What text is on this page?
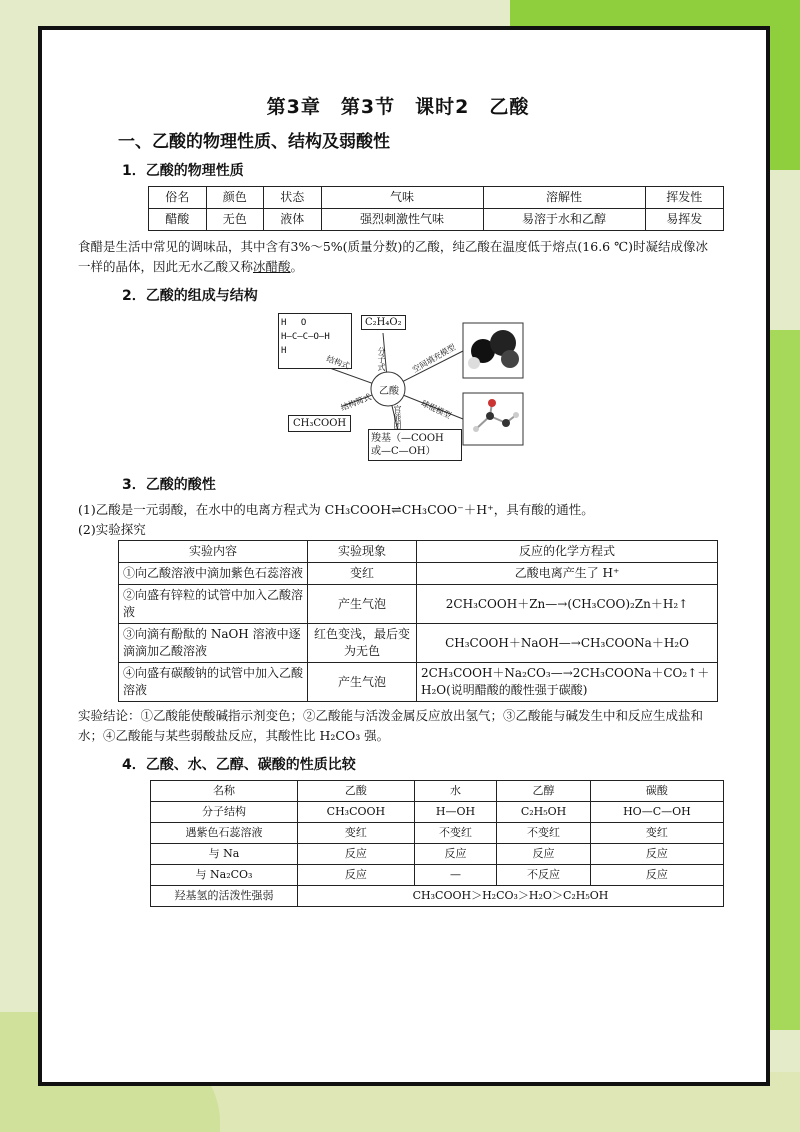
第3章　第3节　课时2　乙酸
一、乙酸的物理性质、结构及弱酸性
1．乙酸的物理性质
俗名	颜色	状态	气味	溶解性	挥发性
醋酸	无色	液体	强烈刺激性气味	易溶于水和乙醇	易挥发

食醋是生活中常见的调味品，其中含有3%～5%(质量分数)的乙酸，纯乙酸在温度低于熔点(16.6 ℃)时凝结成像冰一样的晶体，因此无水乙酸又称冰醋酸。

2．乙酸的组成与结构
H　 O
H—C—C—O—H
H
C₂H₄O₂
CH₃COOH
羧基（—COOH
或—C—OH）
乙酸
结构式	分子式	空间填充模型
球棍模型
结构简式
官能团
3．乙酸的酸性

(1)乙酸是一元弱酸，在水中的电离方程式为 CH₃COOH⇌CH₃COO⁻＋H⁺，具有酸的通性。

(2)实验探究

实验内容	实验现象	反应的化学方程式
①向乙酸溶液中滴加紫色石蕊溶液	变红	乙酸电离产生了 H⁺
②向盛有锌粒的试管中加入乙酸溶液	产生气泡	2CH₃COOH＋Zn—→(CH₃COO)₂Zn＋H₂↑
③向滴有酚酞的 NaOH 溶液中逐滴滴加乙酸溶液	红色变浅，最后变为无色	CH₃COOH＋NaOH—→CH₃COONa＋H₂O
④向盛有碳酸钠的试管中加入乙酸溶液	产生气泡	2CH₃COOH＋Na₂CO₃—→2CH₃COONa＋CO₂↑＋H₂O(说明醋酸的酸性强于碳酸)

实验结论：①乙酸能使酸碱指示剂变色；②乙酸能与活泼金属反应放出氢气；③乙酸能与碱发生中和反应生成盐和水；④乙酸能与某些弱酸盐反应，其酸性比 H₂CO₃ 强。

4．乙酸、水、乙醇、碳酸的性质比较
名称	乙酸	水	乙醇	碳酸
分子结构	CH₃COOH	H—OH	C₂H₅OH	HO—C—OH
遇紫色石蕊溶液	变红	不变红	不变红	变红
与 Na	反应	反应	反应	反应
与 Na₂CO₃	反应	—	不反应	反应
羟基氢的活泼性强弱	CH₃COOH＞H₂CO₃＞H₂O＞C₂H₅OH			
